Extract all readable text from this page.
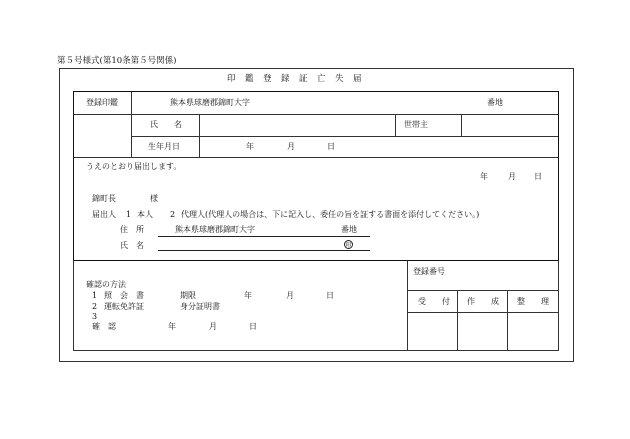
第５号様式(第10条第５号関係)
印　鑑　登　録　証　亡　失　届
登録印鑑	熊本県球磨郡錦町大字	番地
氏　　名	世帯主
生年月日	年	月	日
うえのとおり届出します。
年	月 日
錦町長	様
届出人 1 本人 2 代理人(代理人の場合は、下に記入し、委任の旨を証する書面を添付してください。)
住　所	熊本県球磨郡錦町大字	番地
氏　名	印
確認の方法
1 照　会　書	期限	年	月	日
2 運転免許証	身分証明書
3
確　認	年	月	日
登録番号
受　　付 作　　成 整　　理
